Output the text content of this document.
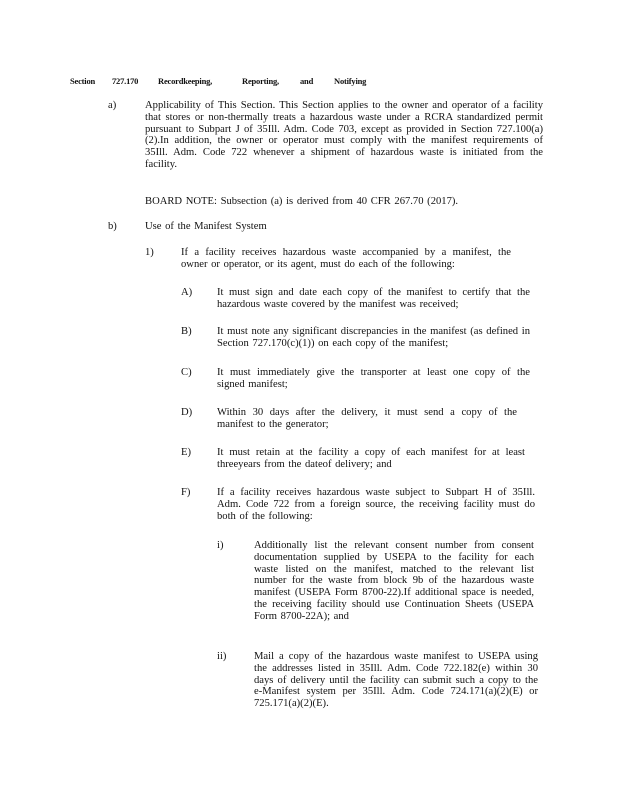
Section 727.170 Recordkeeping,	Reporting, and Notifying
a)	Applicability of This Section. This Section applies to the owner and operator of a facility that stores or non-thermally treats a hazardous waste under a RCRA standardized permit pursuant to Subpart J of 35Ill. Adm. Code 703, except as provided in Section 727.100(a)(2).In addition, the owner or operator must comply with the manifest requirements of 35Ill. Adm. Code 722 whenever a shipment of hazardous waste is initiated from the facility.
BOARD NOTE: Subsection (a) is derived from 40 CFR 267.70 (2017).
b)	Use of the Manifest System
1)	If a facility receives hazardous waste accompanied by a manifest, the owner or operator, or its agent, must do each of the following:
A) It must sign and date each copy of the manifest to certify that the hazardous waste covered by the manifest was received;
B) It must note any significant discrepancies in the manifest (as defined in Section 727.170(c)(1)) on each copy of the manifest;
C) It must immediately give the transporter at least one copy of the signed manifest;
D) Within 30 days after the delivery, it must send a copy of the manifest to the generator;
E) It must retain at the facility a copy of each manifest for at least threeyears from the dateof delivery; and
F)	If a facility receives hazardous waste subject to Subpart H of 35Ill. Adm. Code 722 from a foreign source, the receiving facility must do both of the following:
i)	Additionally list the relevant consent number from consent documentation supplied by USEPA to the facility for each waste listed on the manifest, matched to the relevant list number for the waste from block 9b of the hazardous waste manifest (USEPA Form 8700-22).If additional space is needed, the receiving facility should use Continuation Sheets (USEPA Form 8700-22A); and
ii)	Mail a copy of the hazardous waste manifest to USEPA using the addresses listed in 35Ill. Adm. Code 722.182(e) within 30 days of delivery until the facility can submit such a copy to the e-Manifest system per 35Ill. Adm. Code 724.171(a)(2)(E) or 725.171(a)(2)(E).
